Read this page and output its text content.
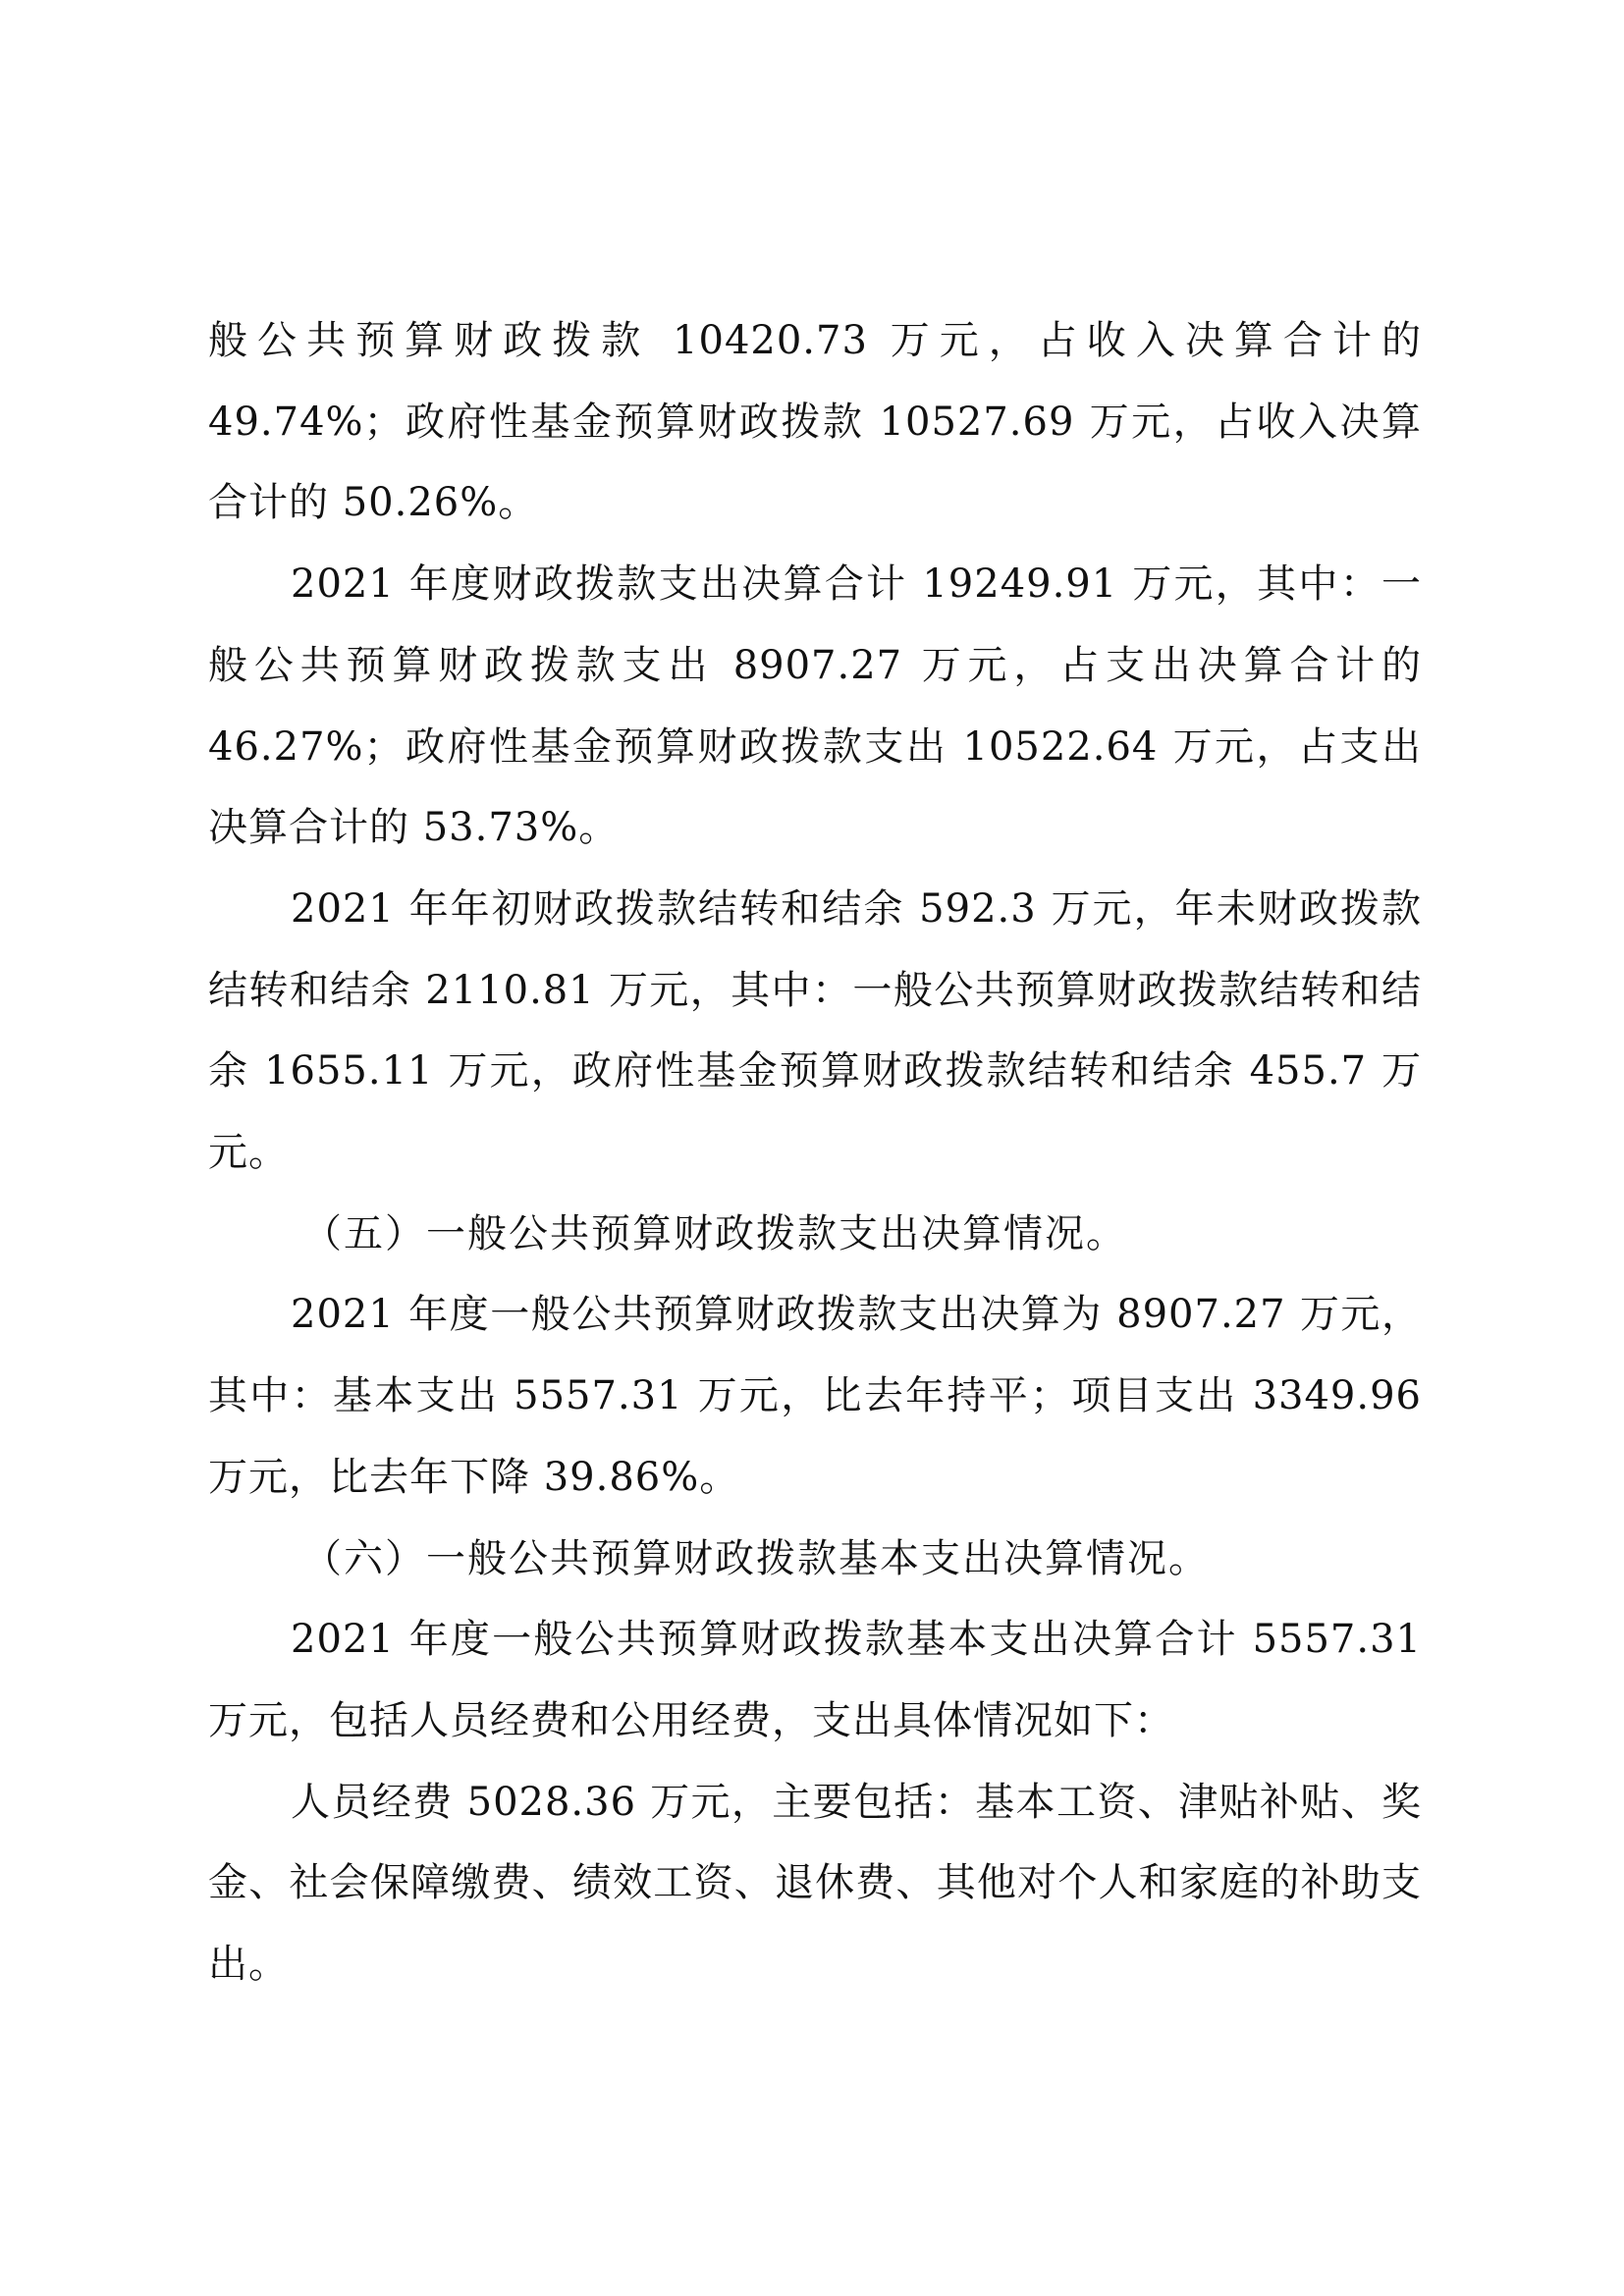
般公共预算财政拨款 10420.73 万元，占收入决算合计的 49.74%；政府性基金预算财政拨款 10527.69 万元，占收入决算合计的 50.26%。

2021 年度财政拨款支出决算合计 19249.91 万元，其中：一般公共预算财政拨款支出 8907.27 万元，占支出决算合计的 46.27%；政府性基金预算财政拨款支出 10522.64 万元，占支出决算合计的 53.73%。

2021 年年初财政拨款结转和结余 592.3 万元，年未财政拨款结转和结余 2110.81 万元，其中：一般公共预算财政拨款结转和结余 1655.11 万元，政府性基金预算财政拨款结转和结余 455.7 万元。

（五）一般公共预算财政拨款支出决算情况。

2021 年度一般公共预算财政拨款支出决算为 8907.27 万元，其中：基本支出 5557.31 万元，比去年持平；项目支出 3349.96 万元，比去年下降 39.86%。

（六）一般公共预算财政拨款基本支出决算情况。

2021 年度一般公共预算财政拨款基本支出决算合计 5557.31 万元，包括人员经费和公用经费，支出具体情况如下：

人员经费 5028.36 万元，主要包括：基本工资、津贴补贴、奖金、社会保障缴费、绩效工资、退休费、其他对个人和家庭的补助支出。
